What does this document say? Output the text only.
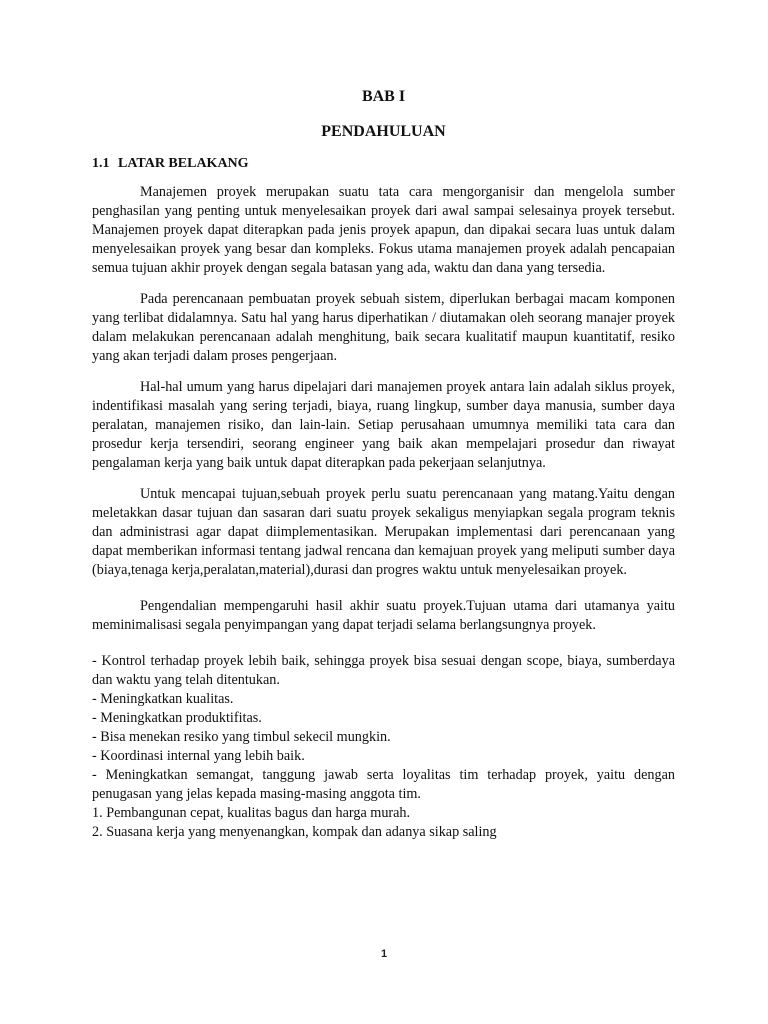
BAB I
PENDAHULUAN
1.1 LATAR BELAKANG

Manajemen proyek merupakan suatu tata cara mengorganisir dan mengelola sumber penghasilan yang penting untuk menyelesaikan proyek dari awal sampai selesainya proyek tersebut. Manajemen proyek dapat diterapkan pada jenis proyek apapun, dan dipakai secara luas untuk dalam menyelesaikan proyek yang besar dan kompleks. Fokus utama manajemen proyek adalah pencapaian semua tujuan akhir proyek dengan segala batasan yang ada, waktu dan dana yang tersedia.

Pada perencanaan pembuatan proyek sebuah sistem, diperlukan berbagai macam komponen yang terlibat didalamnya. Satu hal yang harus diperhatikan / diutamakan oleh seorang manajer proyek dalam melakukan perencanaan adalah menghitung, baik secara kualitatif maupun kuantitatif, resiko yang akan terjadi dalam proses pengerjaan.

Hal-hal umum yang harus dipelajari dari manajemen proyek antara lain adalah siklus proyek, indentifikasi masalah yang sering terjadi, biaya, ruang lingkup, sumber daya manusia, sumber daya peralatan, manajemen risiko, dan lain-lain. Setiap perusahaan umumnya memiliki tata cara dan prosedur kerja tersendiri, seorang engineer yang baik akan mempelajari prosedur dan riwayat pengalaman kerja yang baik untuk dapat diterapkan pada pekerjaan selanjutnya.

Untuk mencapai tujuan,sebuah proyek perlu suatu perencanaan yang matang.Yaitu dengan meletakkan dasar tujuan dan sasaran dari suatu proyek sekaligus menyiapkan segala program teknis dan administrasi agar dapat diimplementasikan. Merupakan implementasi dari perencanaan yang dapat memberikan informasi tentang jadwal rencana dan kemajuan proyek yang meliputi sumber daya (biaya,tenaga kerja,peralatan,material),durasi dan progres waktu untuk menyelesaikan proyek.

Pengendalian mempengaruhi hasil akhir suatu proyek.Tujuan utama dari utamanya yaitu meminimalisasi segala penyimpangan yang dapat terjadi selama berlangsungnya proyek.

- Kontrol terhadap proyek lebih baik, sehingga proyek bisa sesuai dengan scope, biaya, sumberdaya dan waktu yang telah ditentukan.
- Meningkatkan kualitas.
- Meningkatkan produktifitas.
- Bisa menekan resiko yang timbul sekecil mungkin.
- Koordinasi internal yang lebih baik.
- Meningkatkan semangat, tanggung jawab serta loyalitas tim terhadap proyek, yaitu dengan penugasan yang jelas kepada masing-masing anggota tim.
1. Pembangunan cepat, kualitas bagus dan harga murah.
2. Suasana kerja yang menyenangkan, kompak dan adanya sikap saling
1
